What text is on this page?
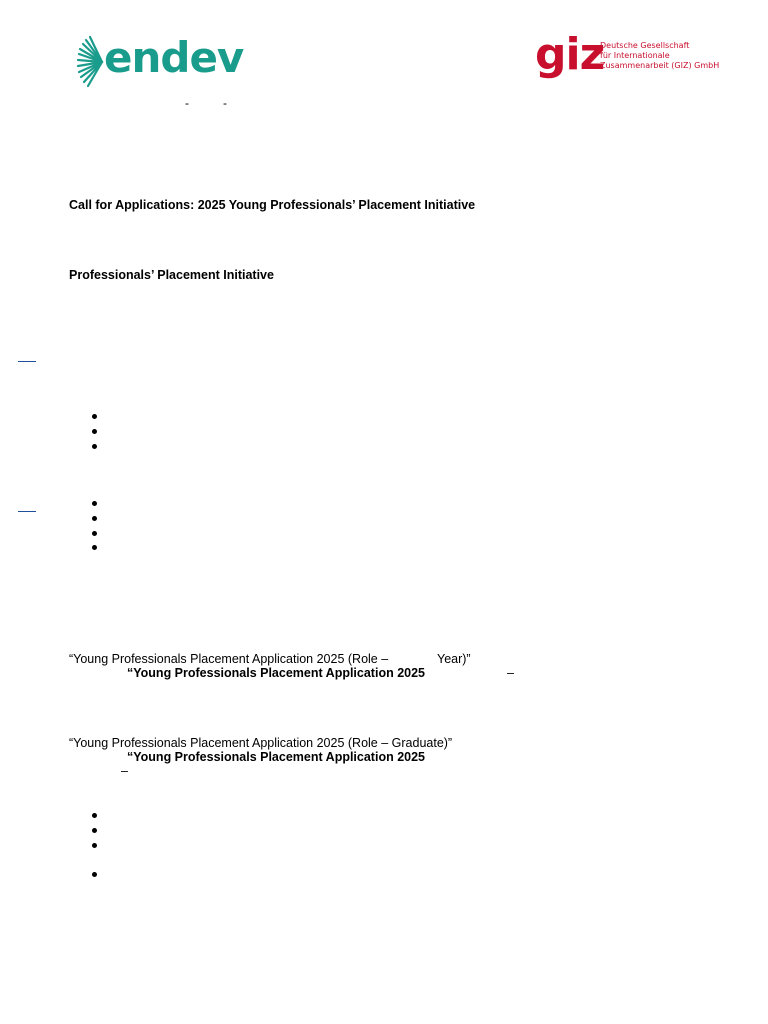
endev	giz
Deutsche Gesellschaft
für Internationale
Zusammenarbeit (GIZ) GmbH
-	-
Call for Applications: 2025 Young Professionals’ Placement Initiative
Professionals’ Placement Initiative
“Young Professionals Placement Application 2025 (Role –	Year)”
“Young Professionals Placement Application 2025	–
“Young Professionals Placement Application 2025 (Role – Graduate)”
“Young Professionals Placement Application 2025
–
